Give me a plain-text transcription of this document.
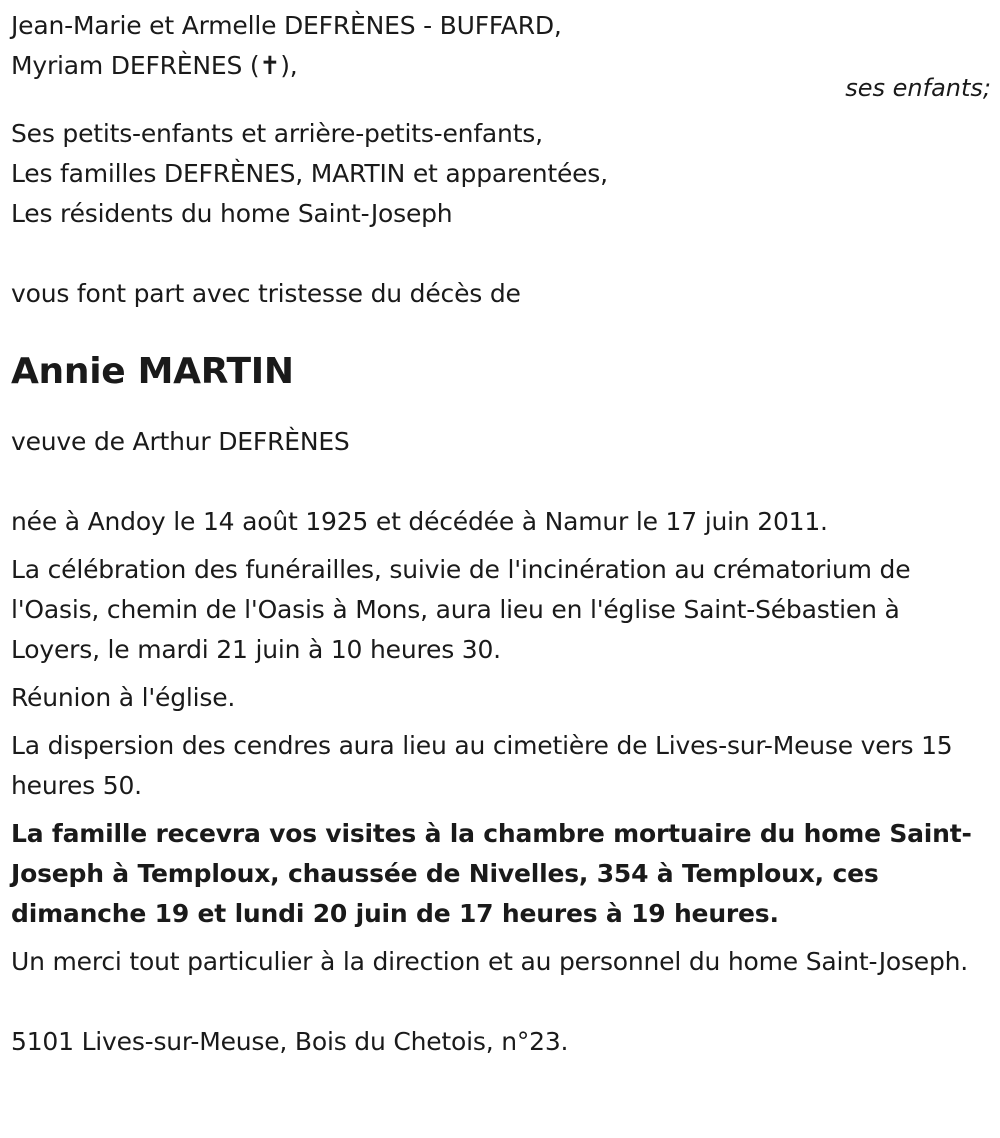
Jean-Marie et Armelle DEFRÈNES - BUFFARD,
Myriam DEFRÈNES (✝),
ses enfants;
Ses petits-enfants et arrière-petits-enfants,
Les familles DEFRÈNES, MARTIN et apparentées,
Les résidents du home Saint-Joseph
vous font part avec tristesse du décès de
Annie MARTIN
veuve de Arthur DEFRÈNES
née à Andoy le 14 août 1925 et décédée à Namur le 17 juin 2011.
La célébration des funérailles, suivie de l'incinération au crématorium de l'Oasis, chemin de l'Oasis à Mons, aura lieu en l'église Saint-Sébastien à Loyers, le mardi 21 juin à 10 heures 30.
Réunion à l'église.
La dispersion des cendres aura lieu au cimetière de Lives-sur-Meuse vers 15 heures 50.
La famille recevra vos visites à la chambre mortuaire du home Saint-Joseph à Temploux, chaussée de Nivelles, 354 à Temploux, ces dimanche 19 et lundi 20 juin de 17 heures à 19 heures.
Un merci tout particulier à la direction et au personnel du home Saint-Joseph.
5101 Lives-sur-Meuse, Bois du Chetois, n°23.
